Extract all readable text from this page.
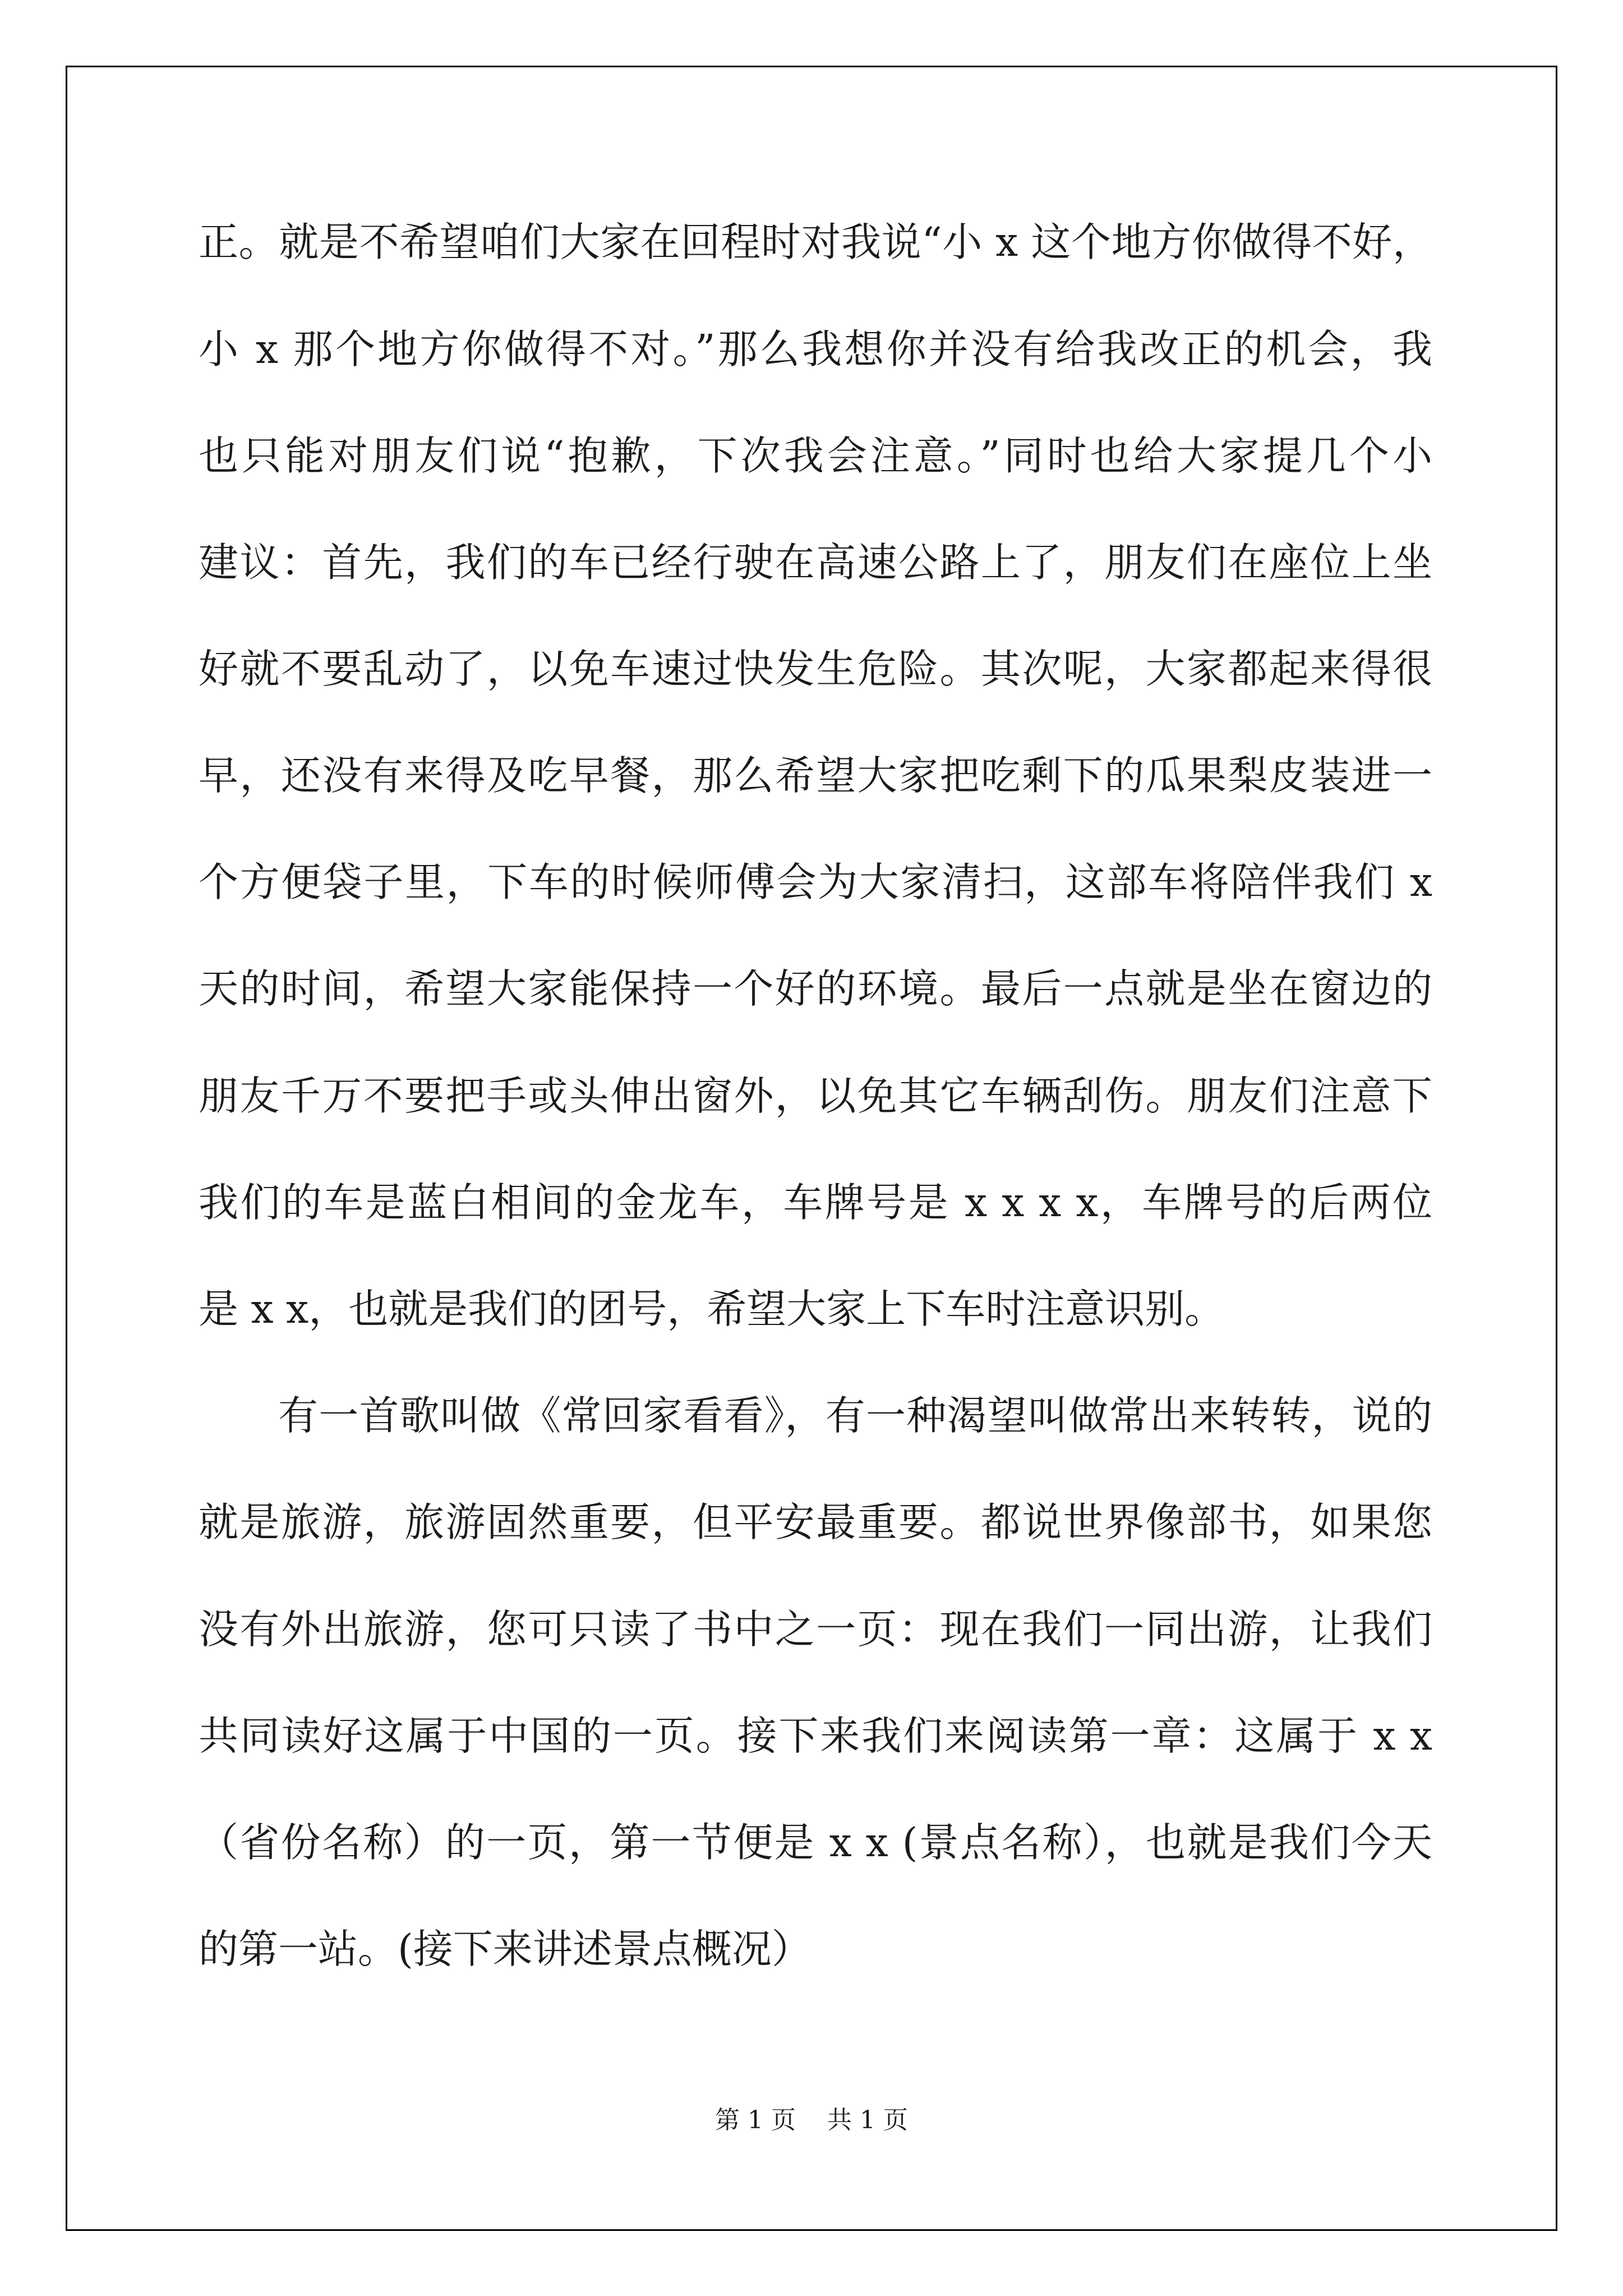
正。就是不希望咱们大家在回程时对我说“小 x 这个地方你做得不好，
小 x 那个地方你做得不对。”那么我想你并没有给我改正的机会，我
也只能对朋友们说“抱歉，下次我会注意。”同时也给大家提几个小
建议：首先，我们的车已经行驶在高速公路上了，朋友们在座位上坐
好就不要乱动了，以免车速过快发生危险。其次呢，大家都起来得很
早，还没有来得及吃早餐，那么希望大家把吃剩下的瓜果梨皮装进一
个方便袋子里，下车的时候师傅会为大家清扫，这部车将陪伴我们 x
天的时间，希望大家能保持一个好的环境。最后一点就是坐在窗边的
朋友千万不要把手或头伸出窗外，以免其它车辆刮伤。朋友们注意下
我们的车是蓝白相间的金龙车，车牌号是 x x x x，车牌号的后两位
是 x x，也就是我们的团号，希望大家上下车时注意识别。
有一首歌叫做《常回家看看》，有一种渴望叫做常出来转转，说的
就是旅游，旅游固然重要，但平安最重要。都说世界像部书，如果您
没有外出旅游，您可只读了书中之一页：现在我们一同出游，让我们
共同读好这属于中国的一页。接下来我们来阅读第一章：这属于 x x
（省份名称）的一页，第一节便是 x x (景点名称），也就是我们今天
的第一站。(接下来讲述景点概况）
第 1 页    共 1 页
